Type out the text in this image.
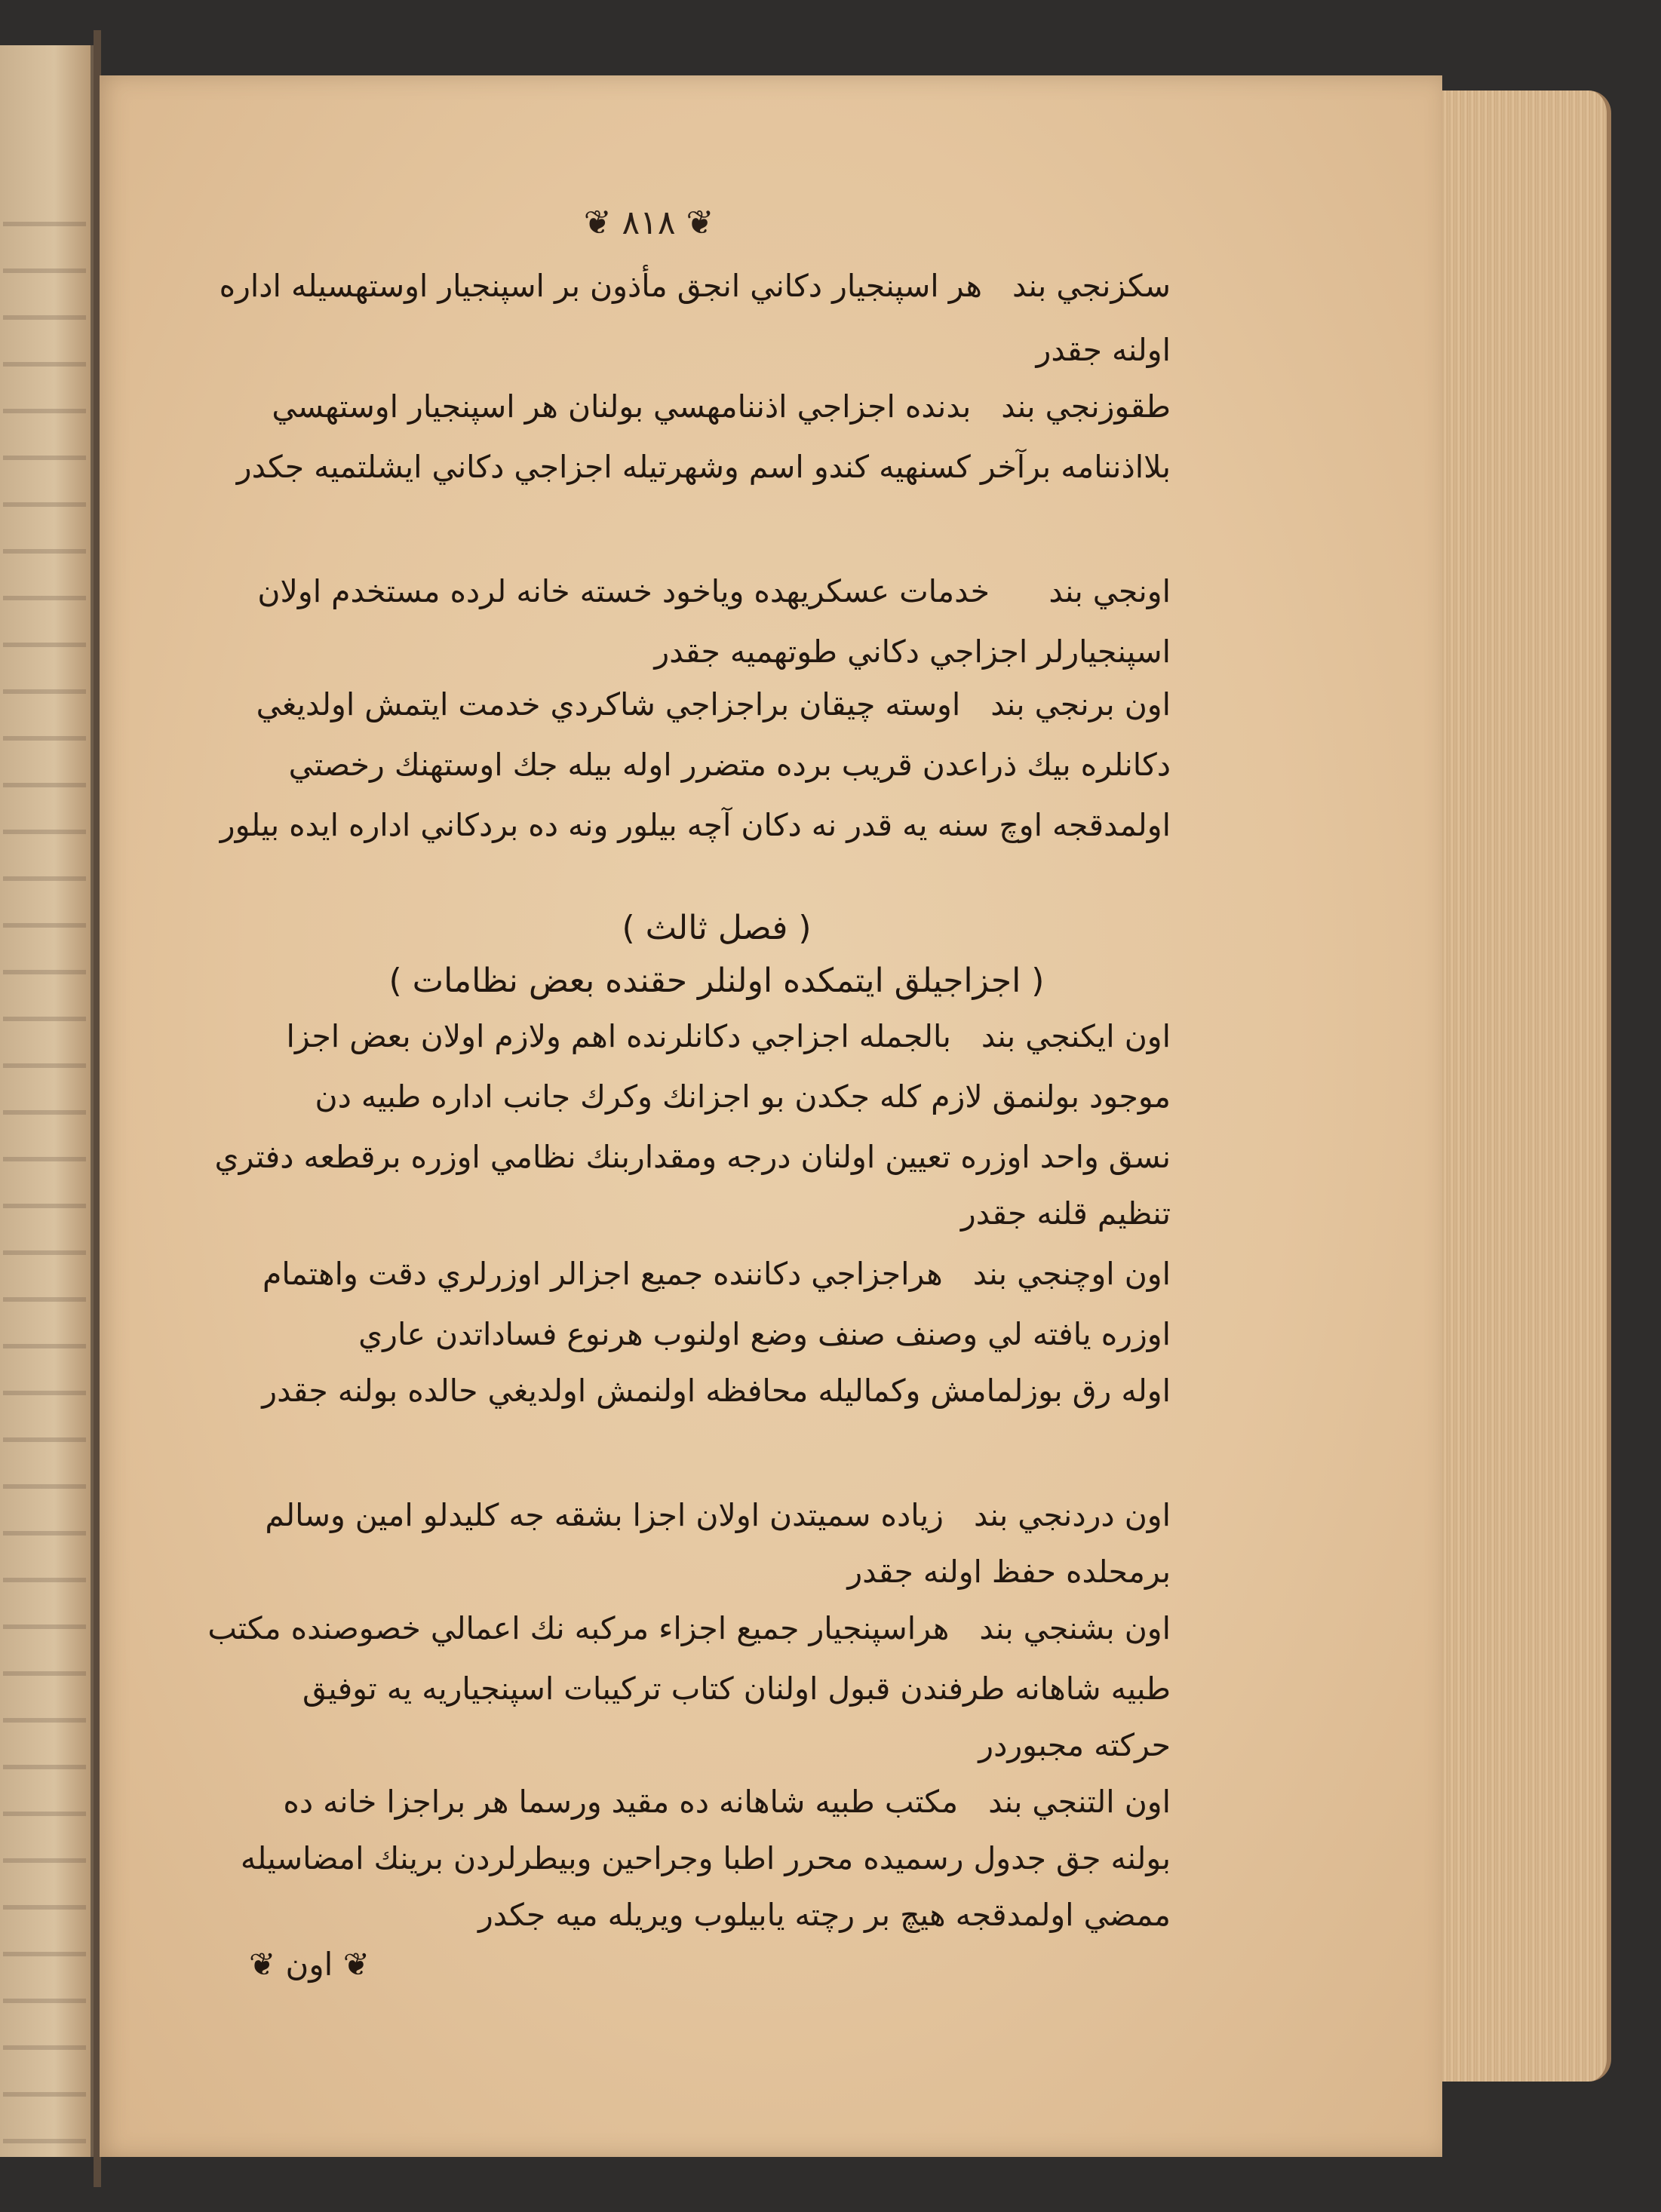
❦ ٨١٨ ❦
سكزنجي بندهر اسپنجيار دكاني انجق مأذون بر اسپنجيار اوستهسيله اداره
اولنه جقدر
طقوزنجي بندبدنده اجزاجي اذننامهسي بولنان هر اسپنجيار اوستهسي
بلااذننامه برآخر كسنهيه كندو اسم وشهرتيله اجزاجي دكاني ايشلتميه جكدر
اونجي بندخدمات عسكريهده وياخود خسته خانه لرده مستخدم اولان
اسپنجيارلر اجزاجي دكاني طوتهميه جقدر
اون برنجي بنداوسته چيقان براجزاجي شاكردي خدمت ايتمش اولديغي
دكانلره بيك ذراعدن قريب برده متضرر اوله بيله جك اوستهنك رخصتي
اولمدقجه اوچ سنه يه قدر نه دكان آچه بيلور ونه ده بردكاني اداره ايده بيلور
( فصل ثالث )
( اجزاجيلق ايتمكده اولنلر حقنده بعض نظامات )
اون ايكنجي بندبالجمله اجزاجي دكانلرنده اهم ولازم اولان بعض اجزا
موجود بولنمق لازم كله جكدن بو اجزانك وكرك جانب اداره طبيه دن
نسق واحد اوزره تعيين اولنان درجه ومقداربنك نظامي اوزره برقطعه دفتري
تنظيم قلنه جقدر
اون اوچنجي بندهراجزاجي دكاننده جميع اجزالر اوزرلري دقت واهتمام
اوزره يافته لي وصنف صنف وضع اولنوب هرنوع فساداتدن عاري
اوله رق بوزلمامش وكماليله محافظه اولنمش اولديغي حالده بولنه جقدر
اون دردنجي بندزياده سميتدن اولان اجزا بشقه جه كليدلو امين وسالم
برمحلده حفظ اولنه جقدر
اون بشنجي بندهراسپنجيار جميع اجزاء مركبه نك اعمالي خصوصنده مكتب
طبيه شاهانه طرفندن قبول اولنان كتاب تركيبات اسپنجياريه يه توفيق
حركته مجبوردر
اون التنجي بندمكتب طبيه شاهانه ده مقيد ورسما هر براجزا خانه ده
بولنه جق جدول رسميده محرر اطبا وجراحين وبيطرلردن برينك امضاسيله
ممضي اولمدقجه هيچ بر رچته يابيلوب ويريله ميه جكدر
❦ اون ❦
